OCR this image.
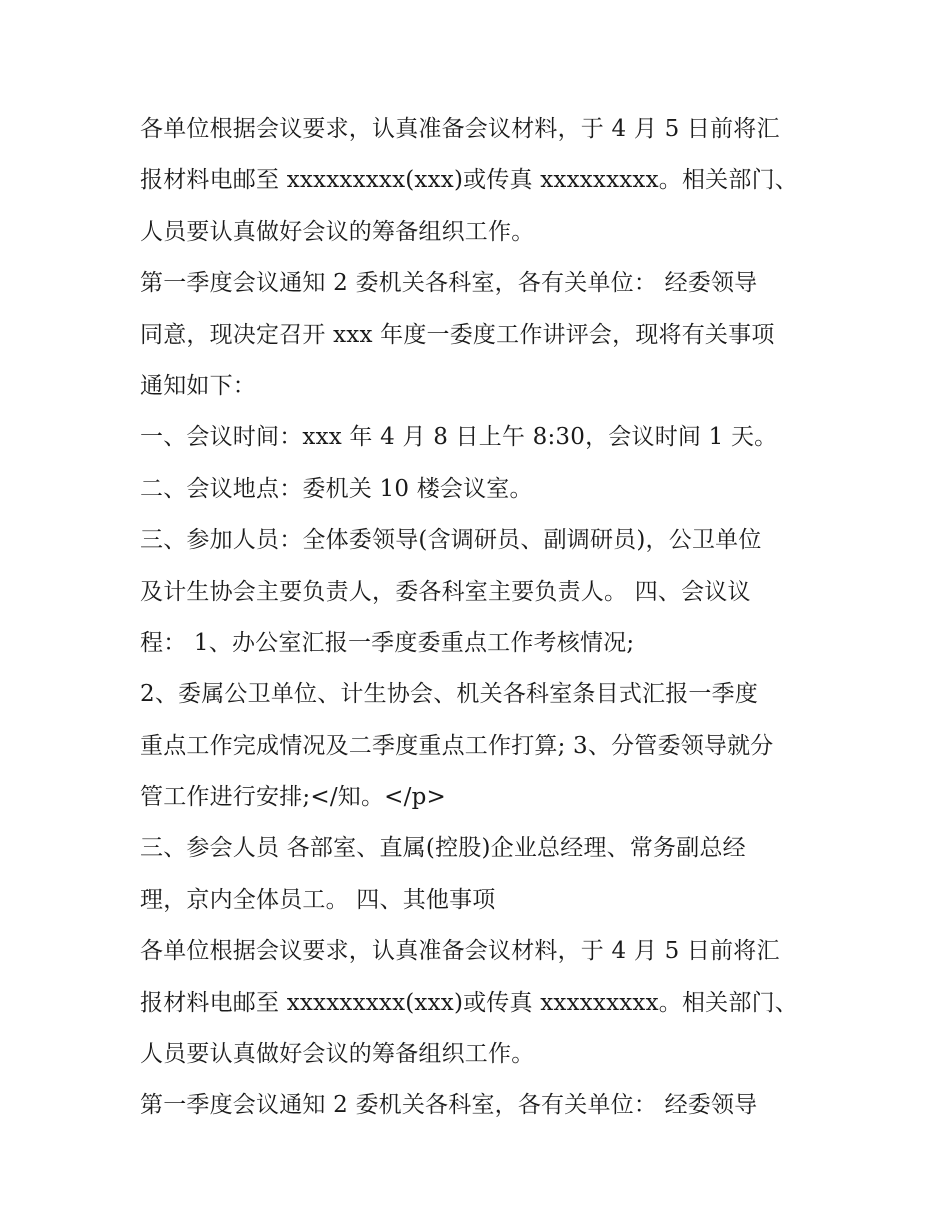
各单位根据会议要求，认真准备会议材料，于 4 月 5 日前将汇
报材料电邮至 xxxxxxxxx(xxx)或传真 xxxxxxxxx。相关部门、
人员要认真做好会议的筹备组织工作。
第一季度会议通知 2 委机关各科室，各有关单位： 经委领导
同意，现决定召开 xxx 年度一委度工作讲评会，现将有关事项
通知如下：
一、会议时间：xxx 年 4 月 8 日上午 8:30，会议时间 1 天。
二、会议地点：委机关 10 楼会议室。
三、参加人员：全体委领导(含调研员、副调研员)，公卫单位
及计生协会主要负责人，委各科室主要负责人。 四、会议议
程： 1、办公室汇报一季度委重点工作考核情况;
2、委属公卫单位、计生协会、机关各科室条目式汇报一季度
重点工作完成情况及二季度重点工作打算; 3、分管委领导就分
管工作进行安排;</知。</p>
三、参会人员 各部室、直属(控股)企业总经理、常务副总经
理，京内全体员工。 四、其他事项
各单位根据会议要求，认真准备会议材料，于 4 月 5 日前将汇
报材料电邮至 xxxxxxxxx(xxx)或传真 xxxxxxxxx。相关部门、
人员要认真做好会议的筹备组织工作。
第一季度会议通知 2 委机关各科室，各有关单位： 经委领导
